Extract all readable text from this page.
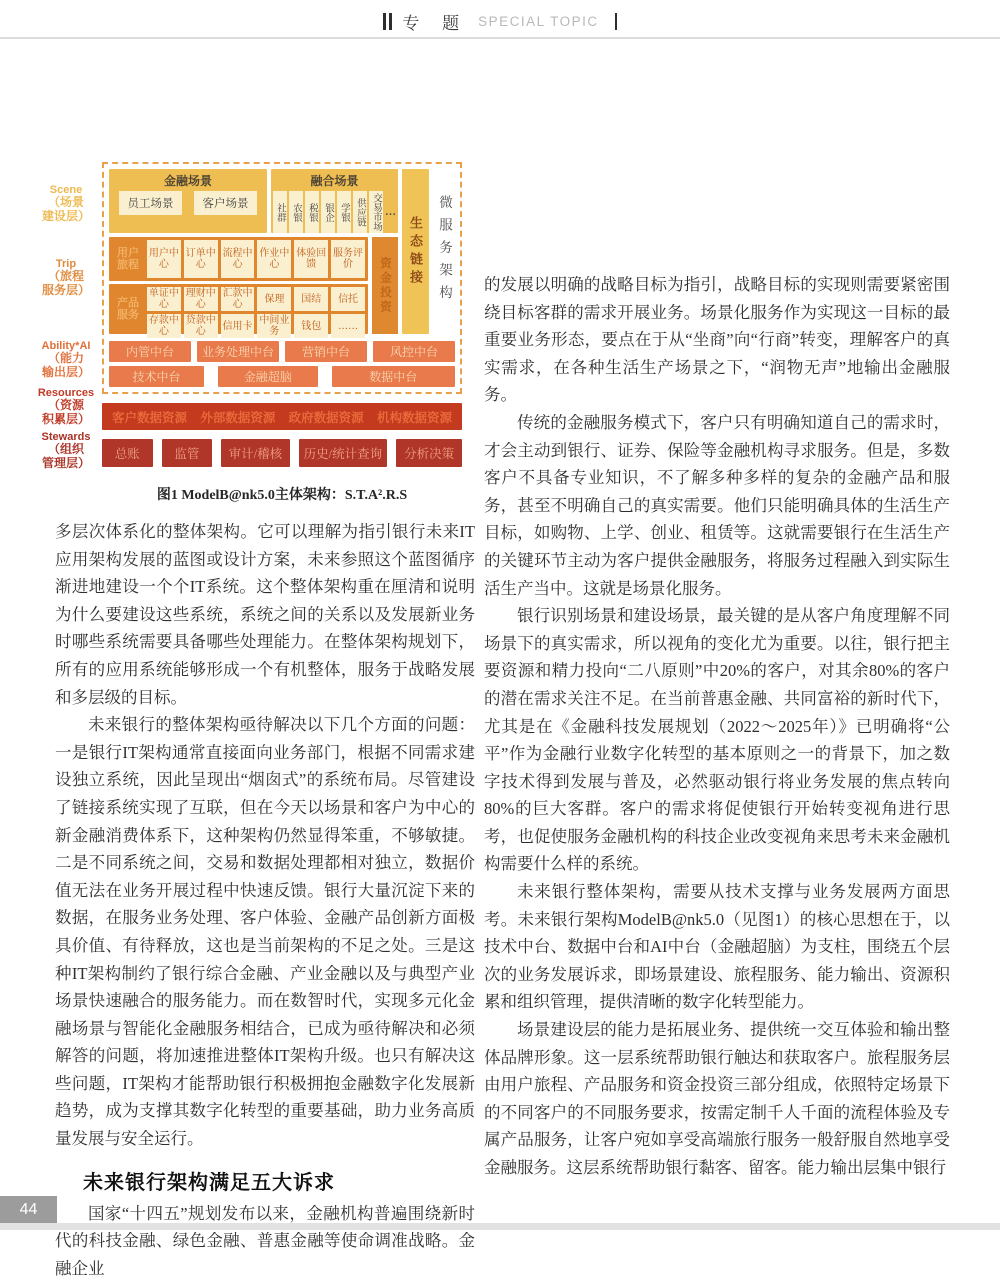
专 题 SPECIAL TOPIC
Scene
（场景
建设层）
Trip
（旅程
服务层）
Ability*AI
（能力
输出层）
Resources
（资源
积累层）
Stewards
（组织
管理层）
金融场景
员工场景	客户场景
融合场景
社群 农银 税银 银企 学银 供应链 交易市场 …
用户旅程
用户中心
订单中心
流程中心
作业中心
体验回馈
服务评价
产品服务
单证中心
理财中心
汇款中心	保理	国结	信托
存款中心
贷款中心	信用卡 中间业务	钱包	……
资金投资 生态链接 微服务架构
内管中台	业务处理中台	营销中台	风控中台
技术中台	金融超脑	数据中台
客户数据资源 外部数据资源 政府数据资源 机构数据资源
总账	监管	审计/稽核	历史/统计查询	分析决策
图1 ModelB@nk5.0主体架构：S.T.A².R.S

多层次体系化的整体架构。它可以理解为指引银行未来IT应用架构发展的蓝图或设计方案，未来参照这个蓝图循序渐进地建设一个个IT系统。这个整体架构重在厘清和说明为什么要建设这些系统，系统之间的关系以及发展新业务时哪些系统需要具备哪些处理能力。在整体架构规划下，所有的应用系统能够形成一个有机整体，服务于战略发展和多层级的目标。

未来银行的整体架构亟待解决以下几个方面的问题：一是银行IT架构通常直接面向业务部门，根据不同需求建设独立系统，因此呈现出“烟囱式”的系统布局。尽管建设了链接系统实现了互联，但在今天以场景和客户为中心的新金融消费体系下，这种架构仍然显得笨重，不够敏捷。二是不同系统之间，交易和数据处理都相对独立，数据价值无法在业务开展过程中快速反馈。银行大量沉淀下来的数据，在服务业务处理、客户体验、金融产品创新方面极具价值、有待释放，这也是当前架构的不足之处。三是这种IT架构制约了银行综合金融、产业金融以及与典型产业场景快速融合的服务能力。而在数智时代，实现多元化金融场景与智能化金融服务相结合，已成为亟待解决和必须解答的问题，将加速推进整体IT架构升级。也只有解决这些问题，IT架构才能帮助银行积极拥抱金融数字化发展新趋势，成为支撑其数字化转型的重要基础，助力业务高质量发展与安全运行。

未来银行架构满足五大诉求

国家“十四五”规划发布以来，金融机构普遍围绕新时代的科技金融、绿色金融、普惠金融等使命调准战略。金融企业

的发展以明确的战略目标为指引，战略目标的实现则需要紧密围绕目标客群的需求开展业务。场景化服务作为实现这一目标的最重要业务形态，要点在于从“坐商”向“行商”转变，理解客户的真实需求，在各种生活生产场景之下，“润物无声”地输出金融服务。

传统的金融服务模式下，客户只有明确知道自己的需求时，才会主动到银行、证券、保险等金融机构寻求服务。但是，多数客户不具备专业知识，不了解多种多样的复杂的金融产品和服务，甚至不明确自己的真实需要。他们只能明确具体的生活生产目标，如购物、上学、创业、租赁等。这就需要银行在生活生产的关键环节主动为客户提供金融服务，将服务过程融入到实际生活生产当中。这就是场景化服务。

银行识别场景和建设场景，最关键的是从客户角度理解不同场景下的真实需求，所以视角的变化尤为重要。以往，银行把主要资源和精力投向“二八原则”中20%的客户，对其余80%的客户的潜在需求关注不足。在当前普惠金融、共同富裕的新时代下，尤其是在《金融科技发展规划（2022～2025年）》已明确将“公平”作为金融行业数字化转型的基本原则之一的背景下，加之数字技术得到发展与普及，必然驱动银行将业务发展的焦点转向80%的巨大客群。客户的需求将促使银行开始转变视角进行思考，也促使服务金融机构的科技企业改变视角来思考未来金融机构需要什么样的系统。

未来银行整体架构，需要从技术支撑与业务发展两方面思考。未来银行架构ModelB@nk5.0（见图1）的核心思想在于，以技术中台、数据中台和AI中台（金融超脑）为支柱，围绕五个层次的业务发展诉求，即场景建设、旅程服务、能力输出、资源积累和组织管理，提供清晰的数字化转型能力。

场景建设层的能力是拓展业务、提供统一交互体验和输出整体品牌形象。这一层系统帮助银行触达和获取客户。旅程服务层由用户旅程、产品服务和资金投资三部分组成，依照特定场景下的不同客户的不同服务要求，按需定制千人千面的流程体验及专属产品服务，让客户宛如享受高端旅行服务一般舒服自然地享受金融服务。这层系统帮助银行黏客、留客。能力输出层集中银行

44
